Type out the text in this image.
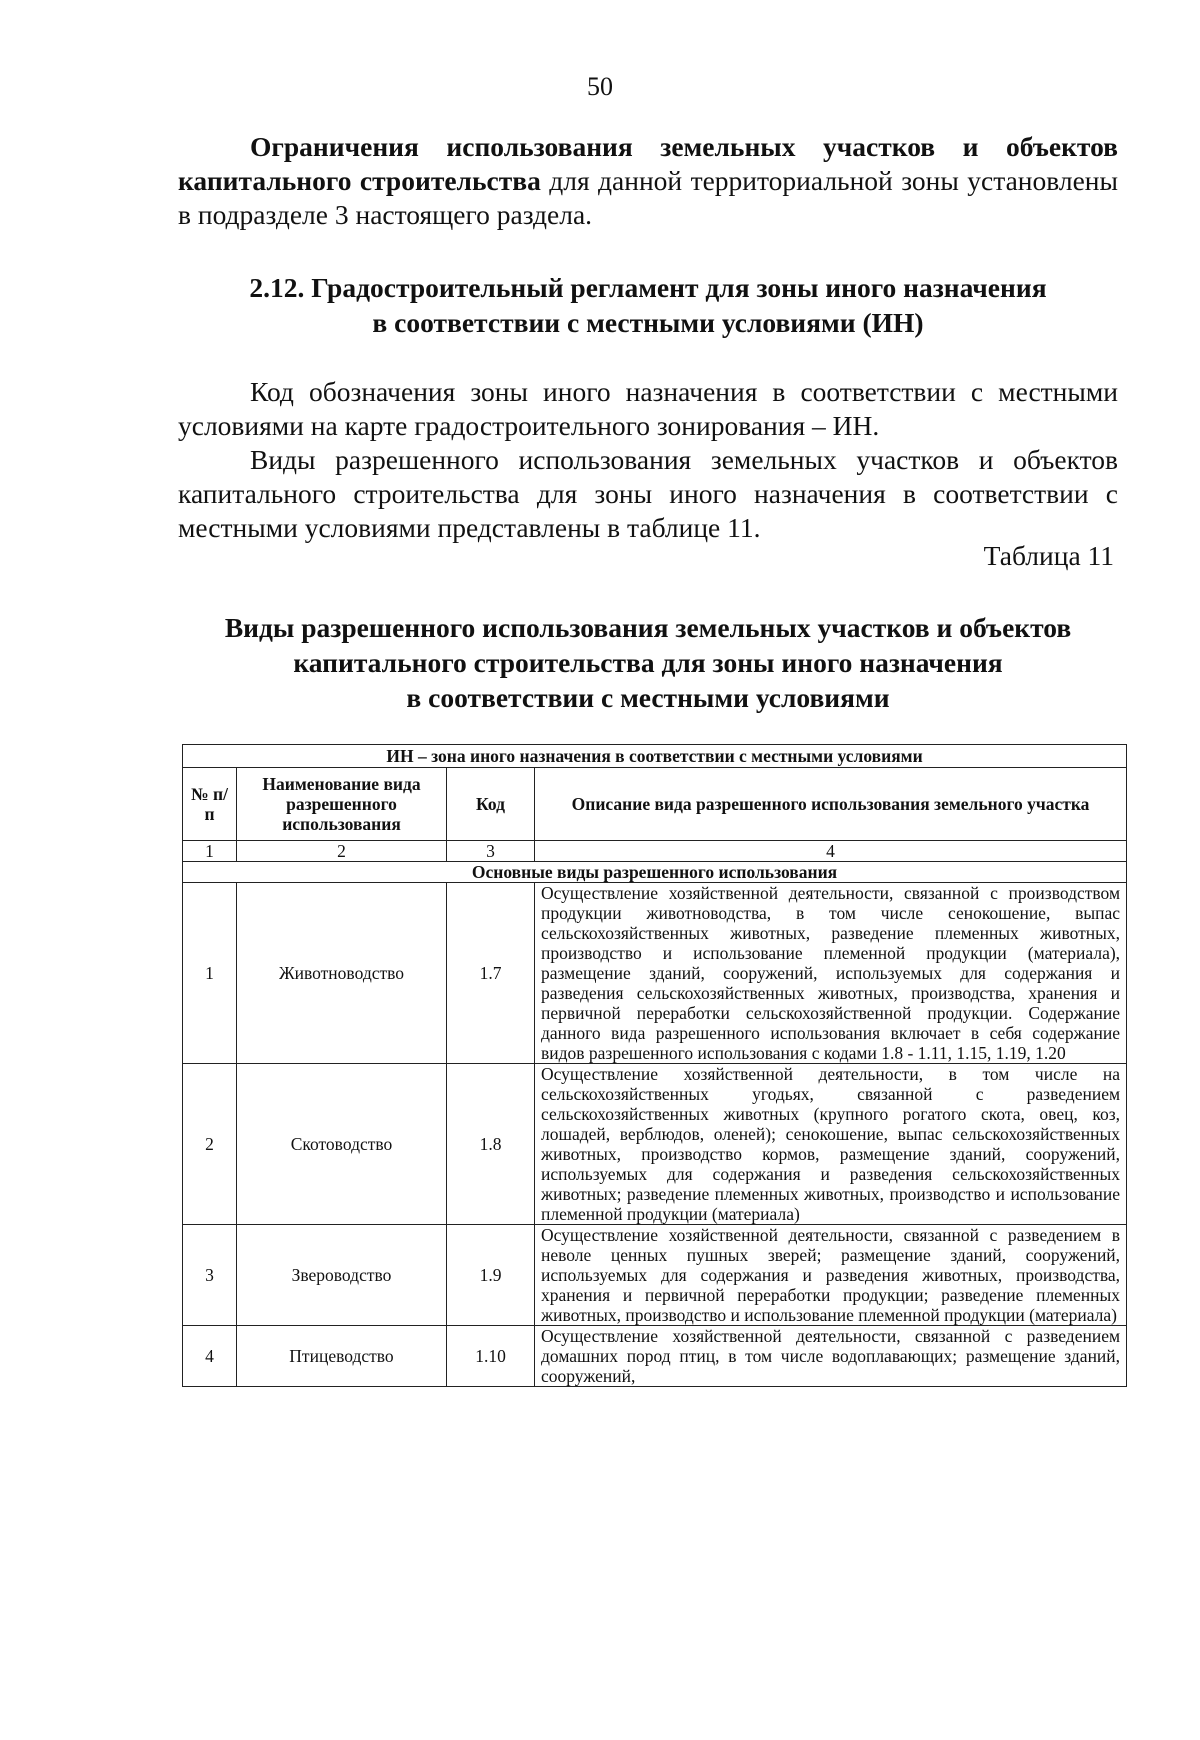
50
Ограничения использования земельных участков и объектов капитального строительства для данной территориальной зоны установлены в подразделе 3 настоящего раздела.
2.12. Градостроительный регламент для зоны иного назначения
в соответствии с местными условиями (ИН)
Код обозначения зоны иного назначения в соответствии с местными условиями на карте градостроительного зонирования – ИН.
Виды разрешенного использования земельных участков и объектов капитального строительства для зоны иного назначения в соответствии с местными условиями представлены в таблице 11.
Таблица 11
Виды разрешенного использования земельных участков и объектов
капитального строительства для зоны иного назначения
в соответствии с местными условиями
ИН – зона иного назначения в соответствии с местными условиями			
№ п/п	Наименование вида разрешенного использования	Код	Описание вида разрешенного использования земельного участка
1	2	3	4
Основные виды разрешенного использования			
1	Животноводство	1.7	Осуществление хозяйственной деятельности, связанной с производством продукции животноводства, в том числе сенокошение, выпас сельскохозяйственных животных, разведение племенных животных, производство и использование племенной продукции (материала), размещение зданий, сооружений, используемых для содержания и разведения сельскохозяйственных животных, производства, хранения и первичной переработки сельскохозяйственной продукции. Содержание данного вида разрешенного использования включает в себя содержание видов разрешенного использования с кодами 1.8 - 1.11, 1.15, 1.19, 1.20
2	Скотоводство	1.8	Осуществление хозяйственной деятельности, в том числе на сельскохозяйственных угодьях, связанной с разведением сельскохозяйственных животных (крупного рогатого скота, овец, коз, лошадей, верблюдов, оленей); сенокошение, выпас сельскохозяйственных животных, производство кормов, размещение зданий, сооружений, используемых для содержания и разведения сельскохозяйственных животных; разведение племенных животных, производство и использование племенной продукции (материала)
3	Звероводство	1.9	Осуществление хозяйственной деятельности, связанной с разведением в неволе ценных пушных зверей; размещение зданий, сооружений, используемых для содержания и разведения животных, производства, хранения и первичной переработки продукции; разведение племенных животных, производство и использование племенной продукции (материала)
4	Птицеводство	1.10	Осуществление хозяйственной деятельности, связанной с разведением домашних пород птиц, в том числе водоплавающих; размещение зданий, сооружений,
